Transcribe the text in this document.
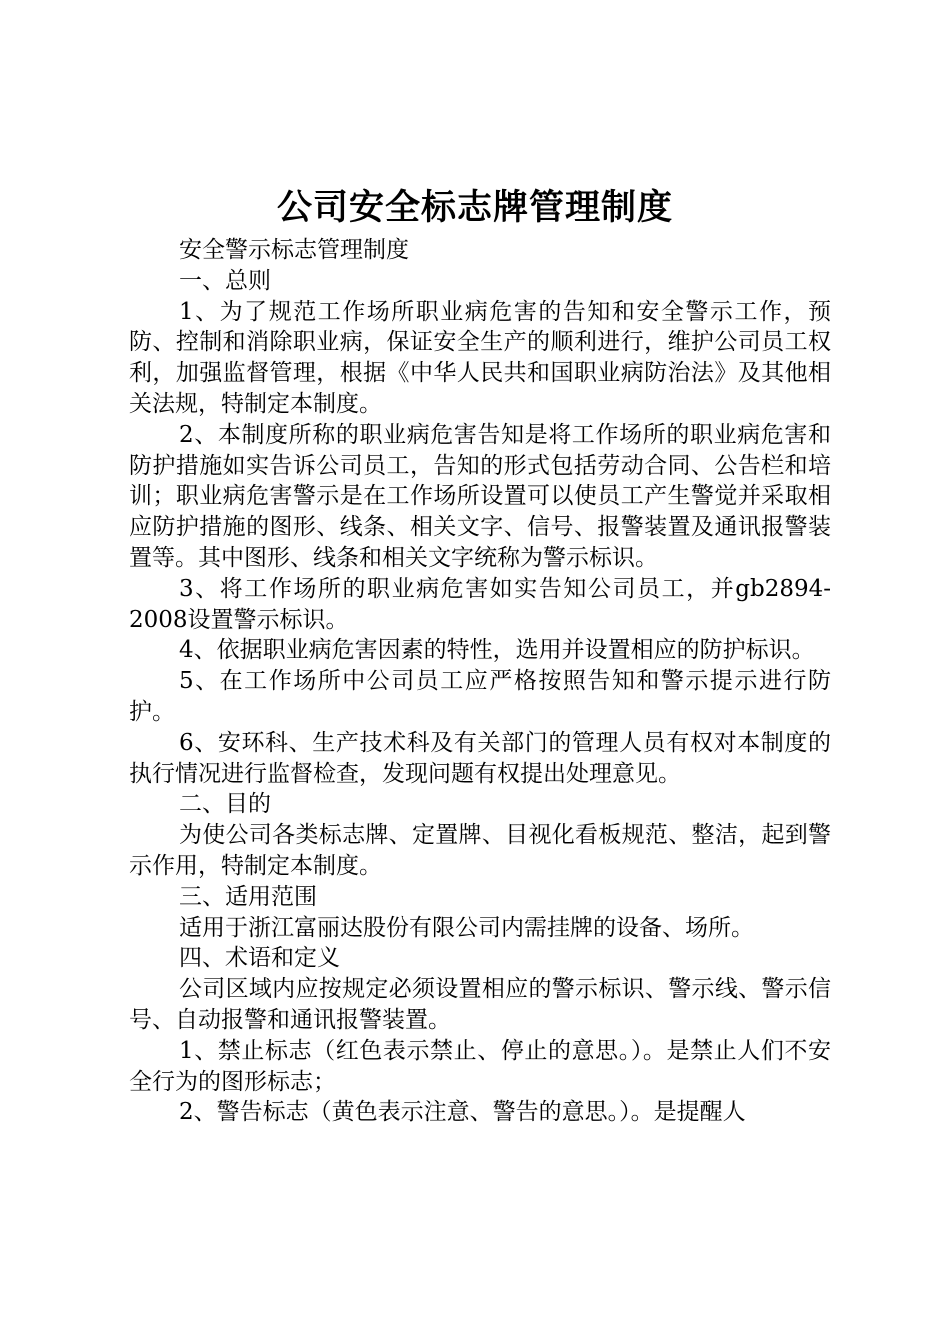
公司安全标志牌管理制度

安全警示标志管理制度

一、总则

1、为了规范工作场所职业病危害的告知和安全警示工作，预防、控制和消除职业病，保证安全生产的顺利进行，维护公司员工权利，加强监督管理，根据《中华人民共和国职业病防治法》及其他相关法规，特制定本制度。

2、本制度所称的职业病危害告知是将工作场所的职业病危害和防护措施如实告诉公司员工，告知的形式包括劳动合同、公告栏和培训；职业病危害警示是在工作场所设置可以使员工产生警觉并采取相应防护措施的图形、线条、相关文字、信号、报警装置及通讯报警装置等。其中图形、线条和相关文字统称为警示标识。

3、将工作场所的职业病危害如实告知公司员工，并gb2894-2008设置警示标识。

4、依据职业病危害因素的特性，选用并设置相应的防护标识。

5、在工作场所中公司员工应严格按照告知和警示提示进行防护。

6、安环科、生产技术科及有关部门的管理人员有权对本制度的执行情况进行监督检查，发现问题有权提出处理意见。

二、目的

为使公司各类标志牌、定置牌、目视化看板规范、整洁，起到警示作用，特制定本制度。

三、适用范围

适用于浙江富丽达股份有限公司内需挂牌的设备、场所。

四、术语和定义

公司区域内应按规定必须设置相应的警示标识、警示线、警示信号、自动报警和通讯报警装置。

1、禁止标志（红色表示禁止、停止的意思。）。是禁止人们不安全行为的图形标志；

2、警告标志（黄色表示注意、警告的意思。）。是提醒人
